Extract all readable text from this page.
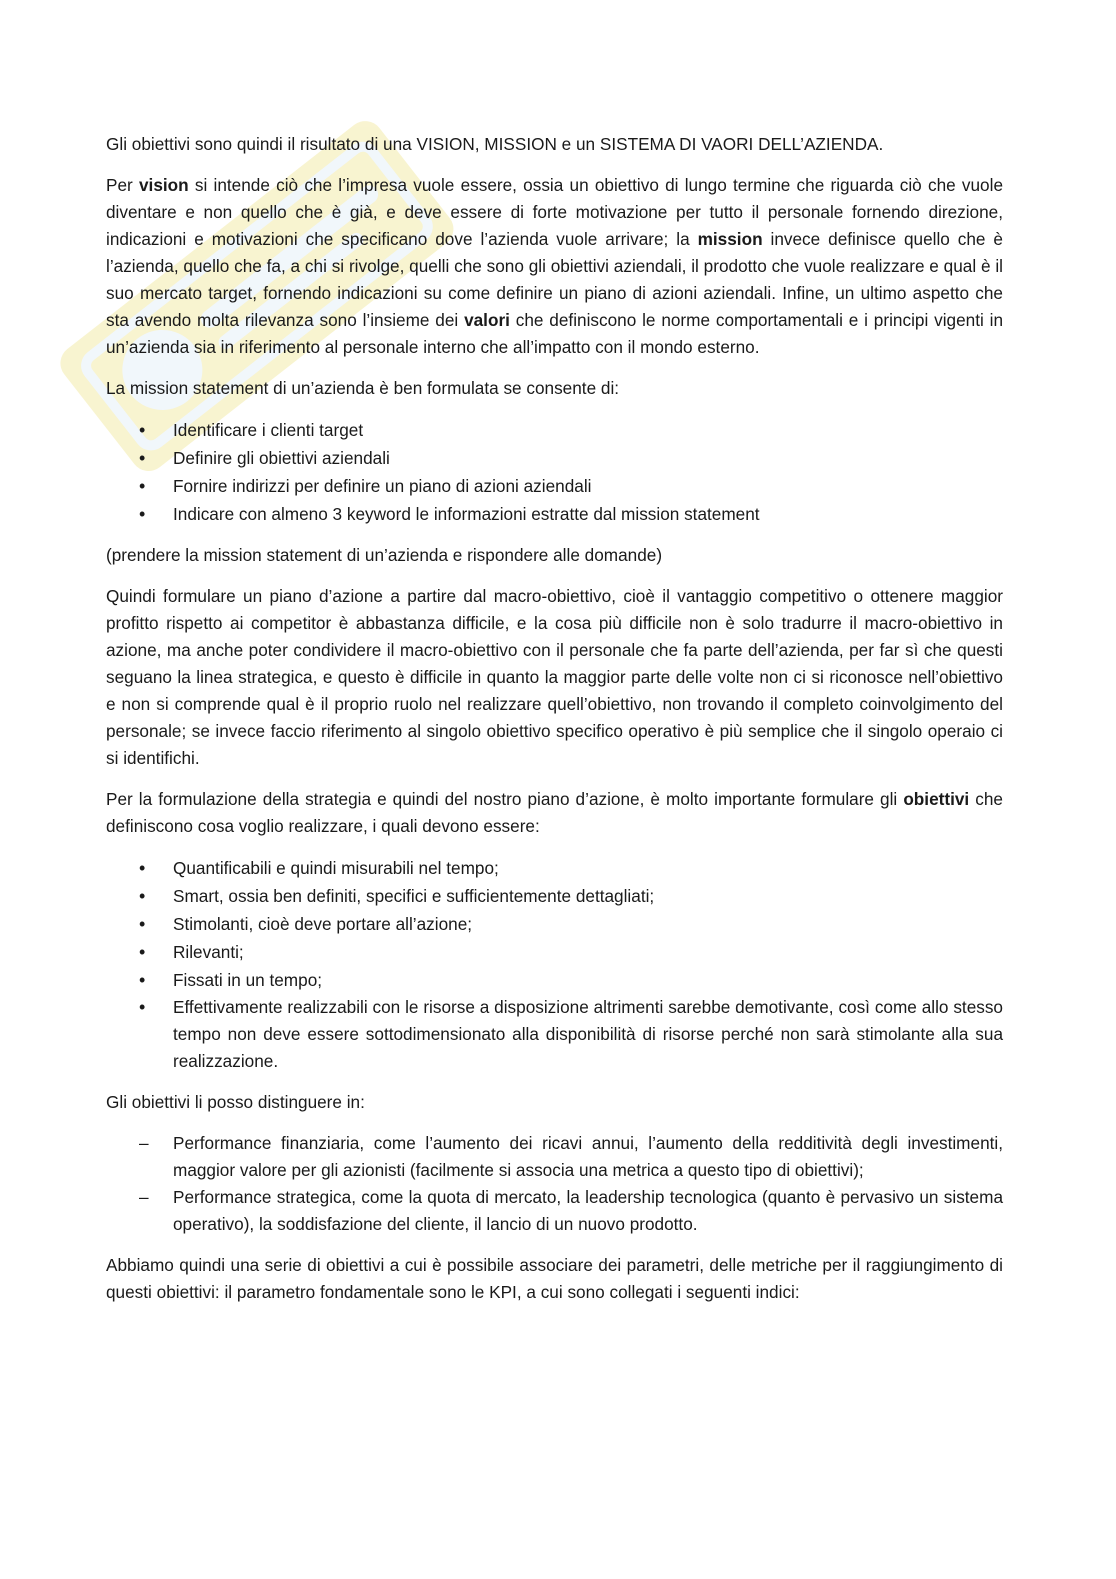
Gli obiettivi sono quindi il risultato di una VISION, MISSION e un SISTEMA DI VAORI DELL’AZIENDA.

Per vision si intende ciò che l’impresa vuole essere, ossia un obiettivo di lungo termine che riguarda ciò che vuole diventare e non quello che è già, e deve essere di forte motivazione per tutto il personale fornendo direzione, indicazioni e motivazioni che specificano dove l’azienda vuole arrivare; la mission invece definisce quello che è l’azienda, quello che fa, a chi si rivolge, quelli che sono gli obiettivi aziendali, il prodotto che vuole realizzare e qual è il suo mercato target, fornendo indicazioni su come definire un piano di azioni aziendali. Infine, un ultimo aspetto che sta avendo molta rilevanza sono l’insieme dei valori che definiscono le norme comportamentali e i principi vigenti in un’azienda sia in riferimento al personale interno che all’impatto con il mondo esterno.

La mission statement di un’azienda è ben formulata se consente di:

• Identificare i clienti target
• Definire gli obiettivi aziendali
• Fornire indirizzi per definire un piano di azioni aziendali
• Indicare con almeno 3 keyword le informazioni estratte dal mission statement

(prendere la mission statement di un’azienda e rispondere alle domande)

Quindi formulare un piano d’azione a partire dal macro-obiettivo, cioè il vantaggio competitivo o ottenere maggior profitto rispetto ai competitor è abbastanza difficile, e la cosa più difficile non è solo tradurre il macro-obiettivo in azione, ma anche poter condividere il macro-obiettivo con il personale che fa parte dell’azienda, per far sì che questi seguano la linea strategica, e questo è difficile in quanto la maggior parte delle volte non ci si riconosce nell’obiettivo e non si comprende qual è il proprio ruolo nel realizzare quell’obiettivo, non trovando il completo coinvolgimento del personale; se invece faccio riferimento al singolo obiettivo specifico operativo è più semplice che il singolo operaio ci si identifichi.

Per la formulazione della strategia e quindi del nostro piano d’azione, è molto importante formulare gli obiettivi che definiscono cosa voglio realizzare, i quali devono essere:

• Quantificabili e quindi misurabili nel tempo;
• Smart, ossia ben definiti, specifici e sufficientemente dettagliati;
• Stimolanti, cioè deve portare all’azione;
• Rilevanti;
• Fissati in un tempo;
• Effettivamente realizzabili con le risorse a disposizione altrimenti sarebbe demotivante, così come allo stesso tempo non deve essere sottodimensionato alla disponibilità di risorse perché non sarà stimolante alla sua realizzazione.

Gli obiettivi li posso distinguere in:

– Performance finanziaria, come l’aumento dei ricavi annui, l’aumento della redditività degli investimenti, maggior valore per gli azionisti (facilmente si associa una metrica a questo tipo di obiettivi);
– Performance strategica, come la quota di mercato, la leadership tecnologica (quanto è pervasivo un sistema operativo), la soddisfazione del cliente, il lancio di un nuovo prodotto.

Abbiamo quindi una serie di obiettivi a cui è possibile associare dei parametri, delle metriche per il raggiungimento di questi obiettivi: il parametro fondamentale sono le KPI, a cui sono collegati i seguenti indici:
